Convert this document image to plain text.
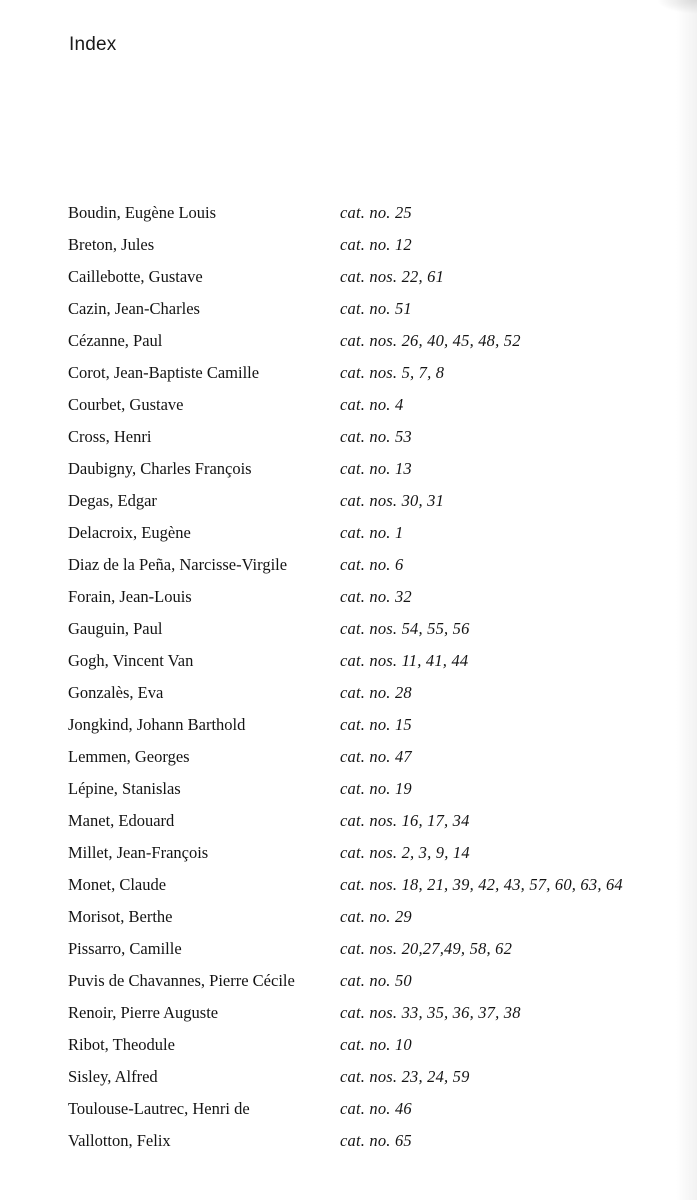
Index
Boudin, Eugène Louis	cat. no. 25
Breton, Jules	cat. no. 12
Caillebotte, Gustave	cat. nos. 22, 61
Cazin, Jean-Charles	cat. no. 51
Cézanne, Paul	cat. nos. 26, 40, 45, 48, 52
Corot, Jean-Baptiste Camille	cat. nos. 5, 7, 8
Courbet, Gustave	cat. no. 4
Cross, Henri	cat. no. 53
Daubigny, Charles François	cat. no. 13
Degas, Edgar	cat. nos. 30, 31
Delacroix, Eugène	cat. no. 1
Diaz de la Peña, Narcisse-Virgile	cat. no. 6
Forain, Jean-Louis	cat. no. 32
Gauguin, Paul	cat. nos. 54, 55, 56
Gogh, Vincent Van	cat. nos. 11, 41, 44
Gonzalès, Eva	cat. no. 28
Jongkind, Johann Barthold	cat. no. 15
Lemmen, Georges	cat. no. 47
Lépine, Stanislas	cat. no. 19
Manet, Edouard	cat. nos. 16, 17, 34
Millet, Jean-François	cat. nos. 2, 3, 9, 14
Monet, Claude	cat. nos. 18, 21, 39, 42, 43, 57, 60, 63, 64
Morisot, Berthe	cat. no. 29
Pissarro, Camille	cat. nos. 20,27,49, 58, 62
Puvis de Chavannes, Pierre Cécile	cat. no. 50
Renoir, Pierre Auguste	cat. nos. 33, 35, 36, 37, 38
Ribot, Theodule	cat. no. 10
Sisley, Alfred	cat. nos. 23, 24, 59
Toulouse-Lautrec, Henri de	cat. no. 46
Vallotton, Felix	cat. no. 65
